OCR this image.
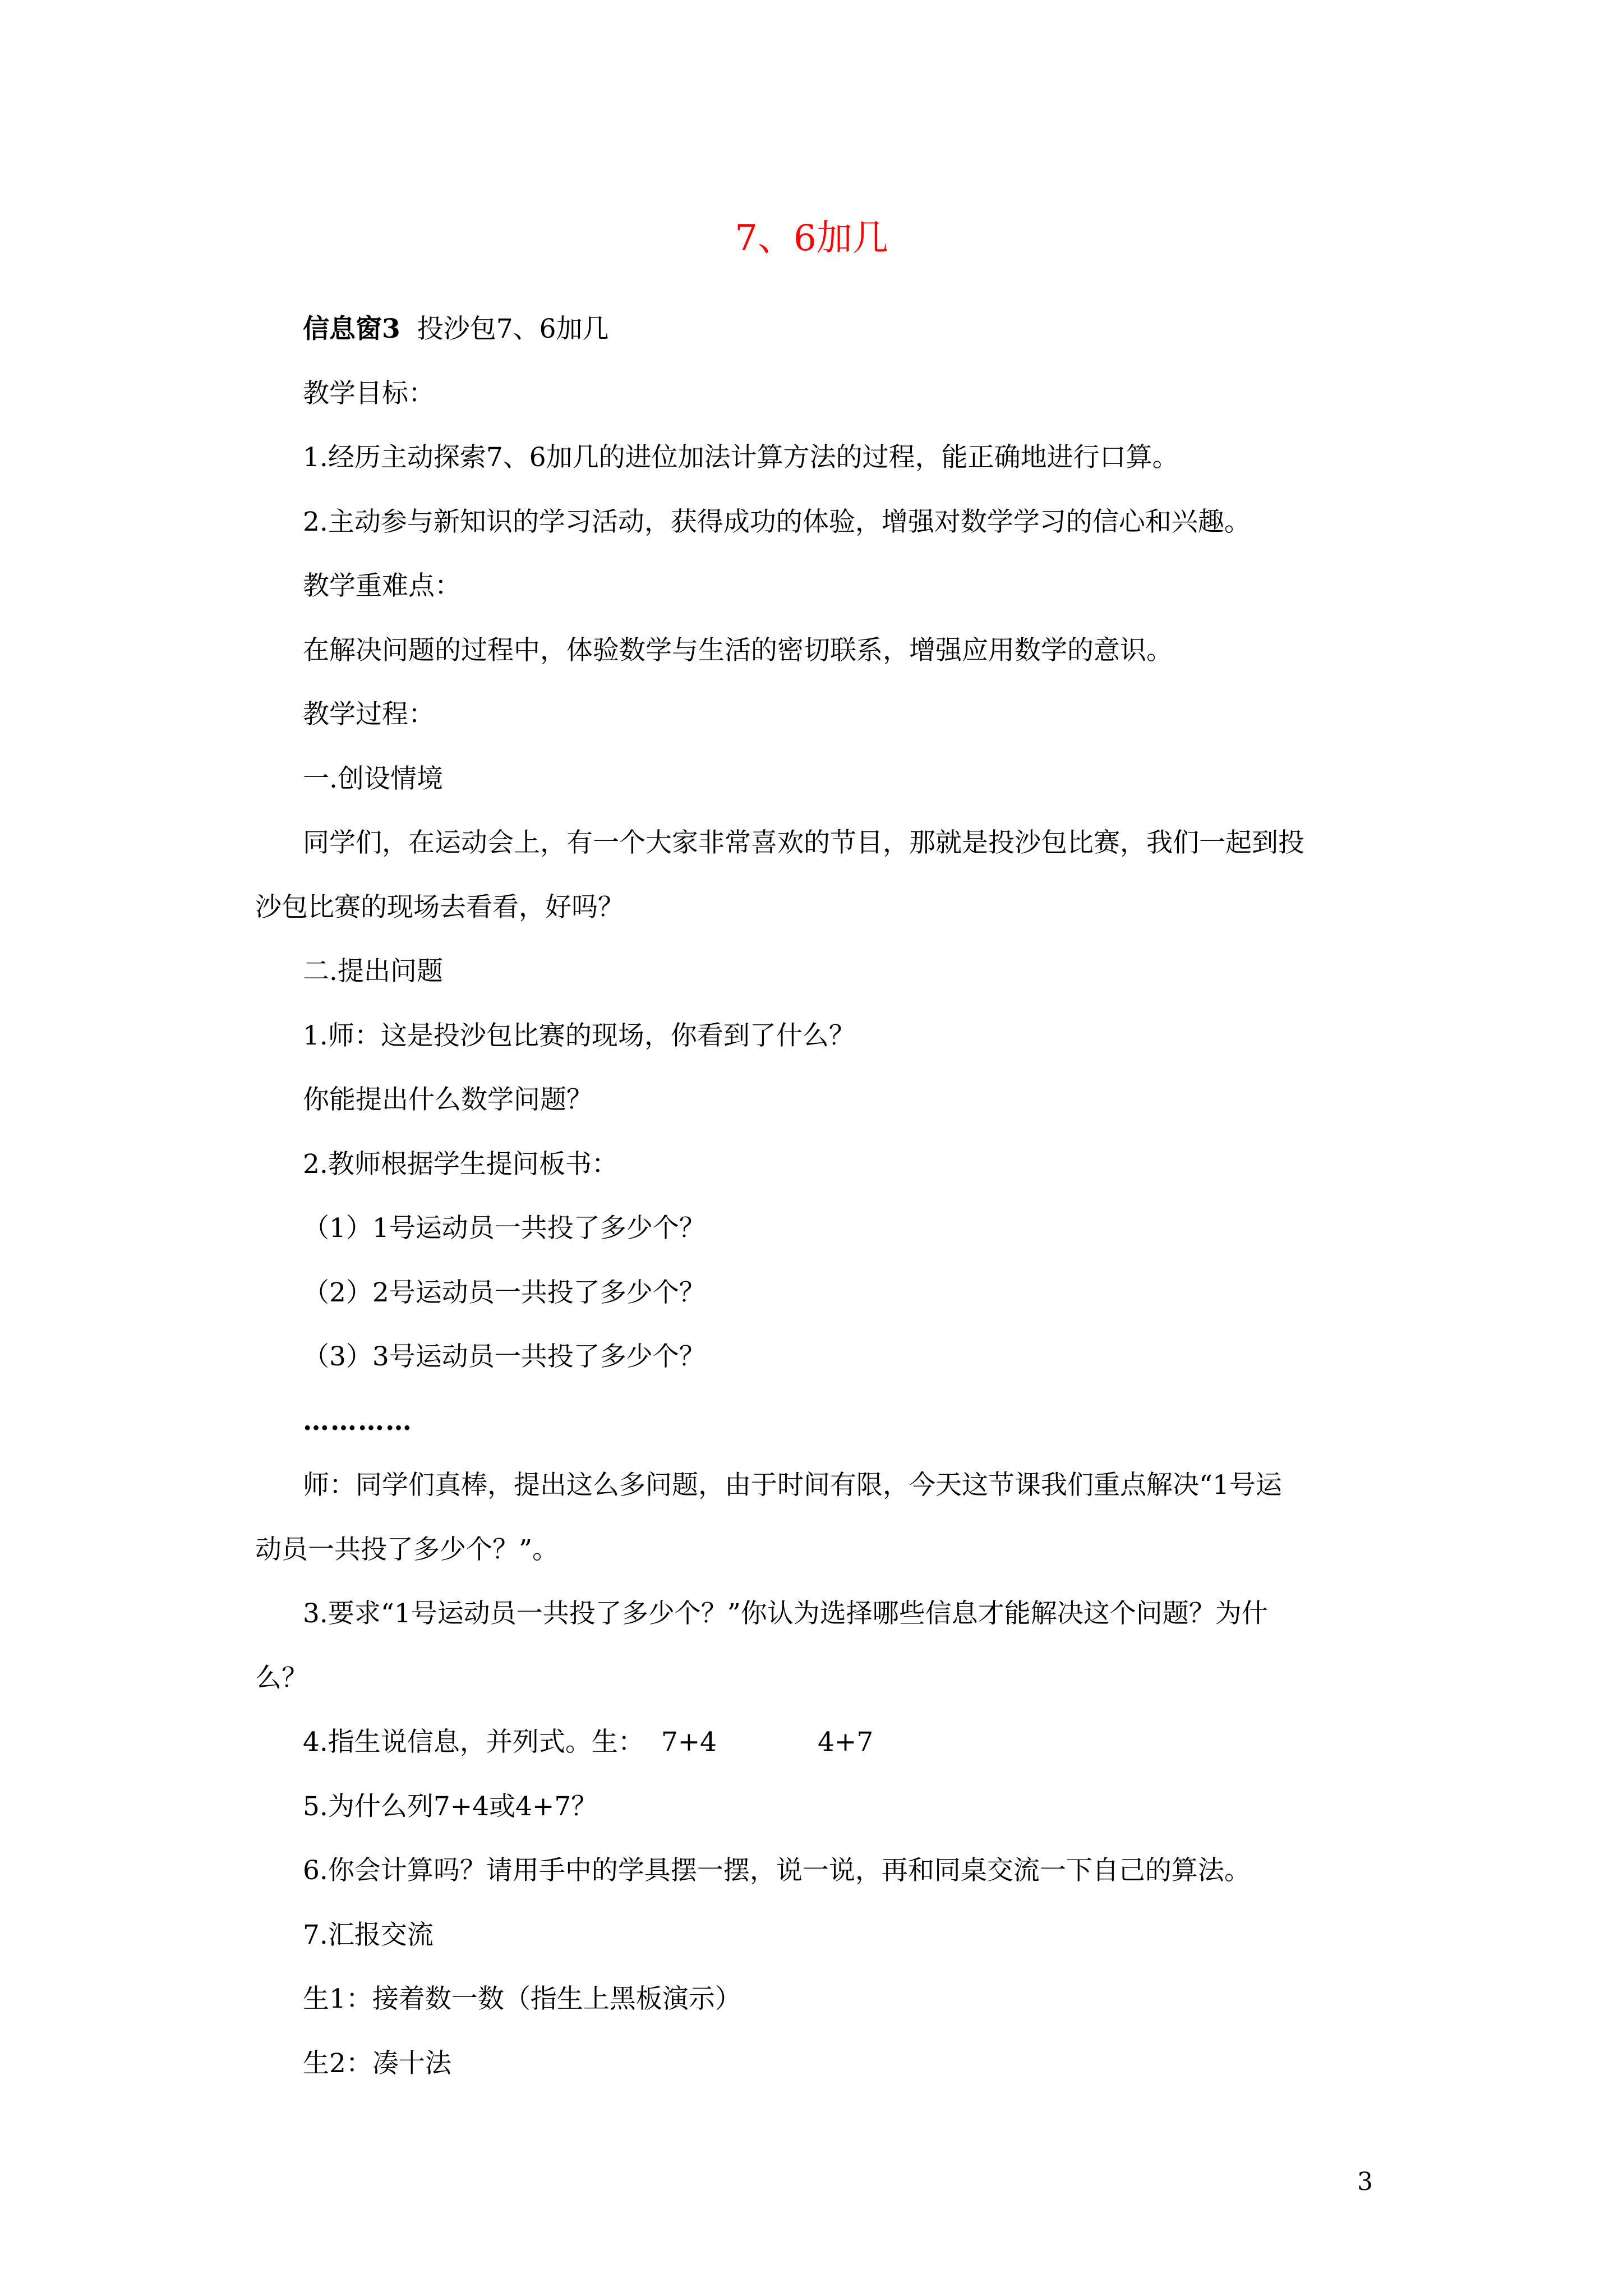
7、6加几

信息窗3 投沙包7、6加几

教学目标：

1.经历主动探索7、6加几的进位加法计算方法的过程，能正确地进行口算。

2.主动参与新知识的学习活动，获得成功的体验，增强对数学学习的信心和兴趣。

教学重难点：

在解决问题的过程中，体验数学与生活的密切联系，增强应用数学的意识。

教学过程：

一.创设情境

同学们，在运动会上，有一个大家非常喜欢的节目，那就是投沙包比赛，我们一起到投

沙包比赛的现场去看看，好吗？

二.提出问题

1.师：这是投沙包比赛的现场，你看到了什么？

你能提出什么数学问题？

2.教师根据学生提问板书：

（1）1号运动员一共投了多少个？

（2）2号运动员一共投了多少个？

（3）3号运动员一共投了多少个？

…………

师：同学们真棒，提出这么多问题，由于时间有限，今天这节课我们重点解决“1号运

动员一共投了多少个？”。

3.要求“1号运动员一共投了多少个？”你认为选择哪些信息才能解决这个问题？为什

么？

4.指生说信息，并列式。生： 7+4	4+7

5.为什么列7+4或4+7？

6.你会计算吗？请用手中的学具摆一摆，说一说，再和同桌交流一下自己的算法。

7.汇报交流

生1：接着数一数（指生上黑板演示）

生2：凑十法

3
